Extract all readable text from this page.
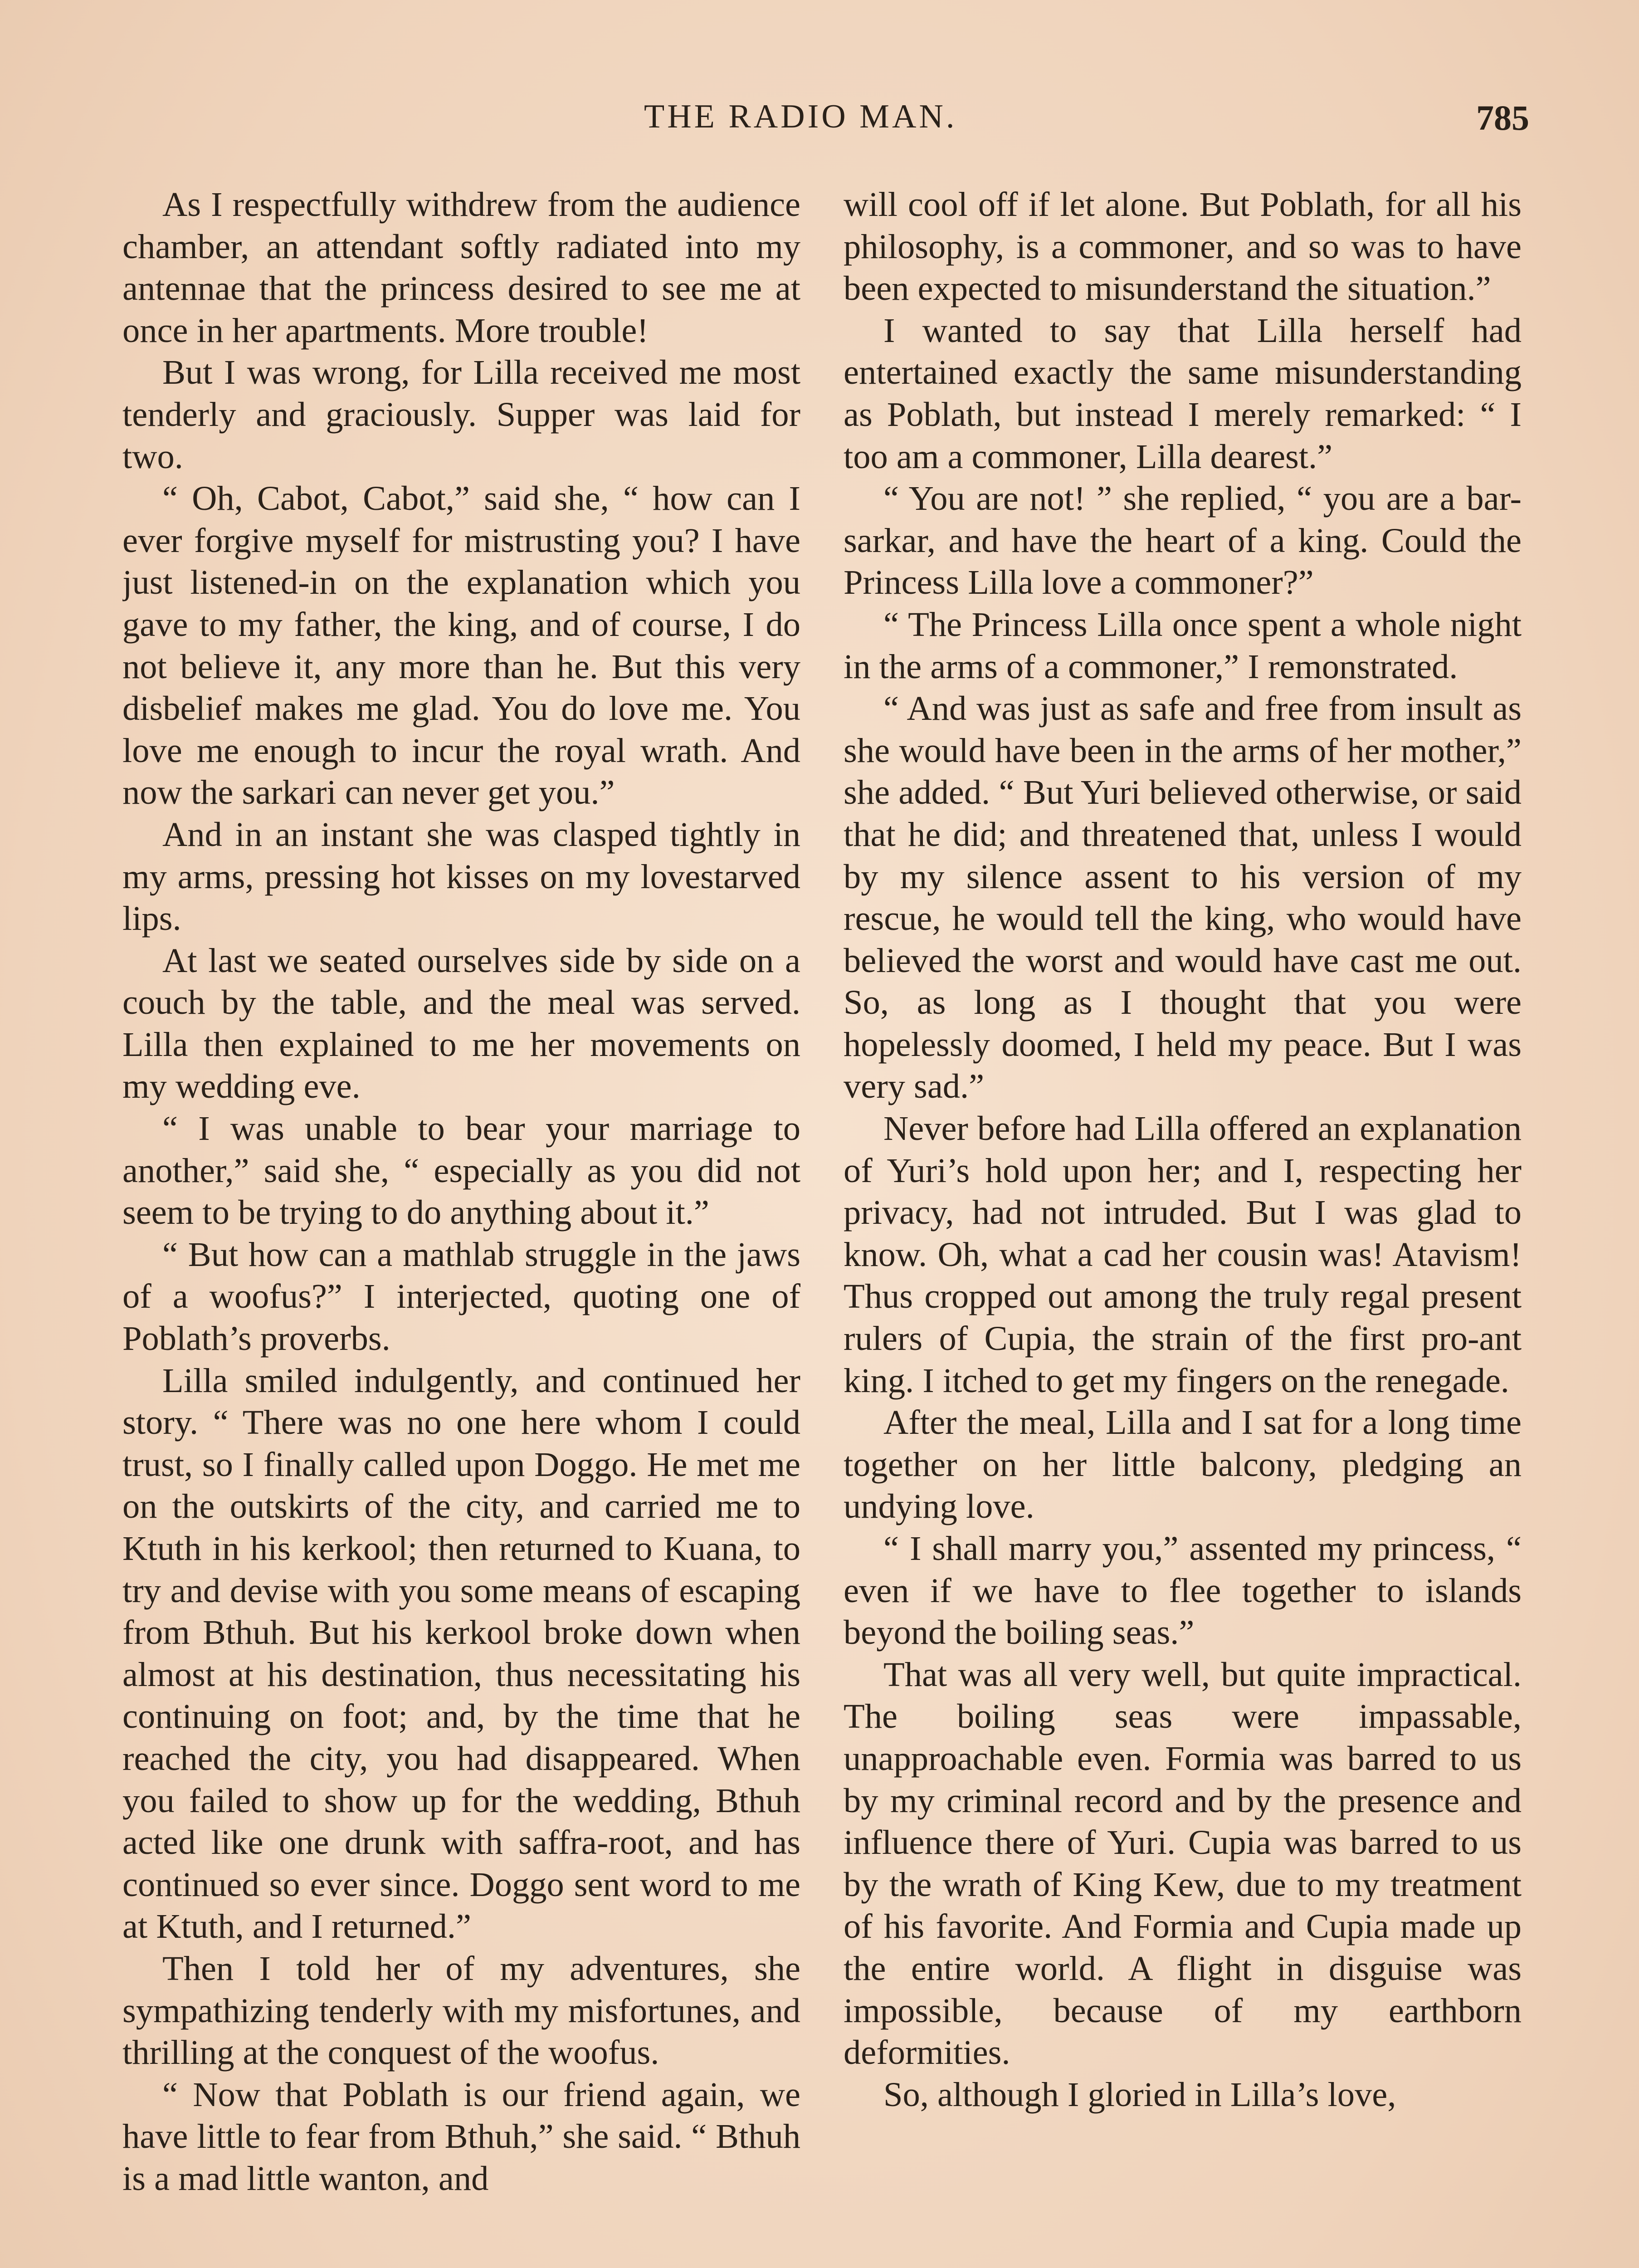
THE RADIO MAN.	785

As I respectfully withdrew from the audience chamber, an attendant softly radiated into my antennae that the princess desired to see me at once in her apartments. More trouble!

But I was wrong, for Lilla received me most tenderly and graciously. Supper was laid for two.

“ Oh, Cabot, Cabot,” said she, “ how can I ever forgive myself for mistrusting you? I have just listened-in on the explanation which you gave to my father, the king, and of course, I do not believe it, any more than he. But this very disbelief makes me glad. You do love me. You love me enough to incur the royal wrath. And now the sarkari can never get you.”

And in an instant she was clasped tightly in my arms, pressing hot kisses on my lovestarved lips.

At last we seated ourselves side by side on a couch by the table, and the meal was served. Lilla then explained to me her movements on my wedding eve.

“ I was unable to bear your marriage to another,” said she, “ especially as you did not seem to be trying to do anything about it.”

“ But how can a mathlab struggle in the jaws of a woofus?” I interjected, quoting one of Poblath’s proverbs.

Lilla smiled indulgently, and continued her story. “ There was no one here whom I could trust, so I finally called upon Doggo. He met me on the outskirts of the city, and carried me to Ktuth in his kerkool; then returned to Kuana, to try and devise with you some means of escaping from Bthuh. But his kerkool broke down when almost at his destination, thus necessitating his continuing on foot; and, by the time that he reached the city, you had disappeared. When you failed to show up for the wedding, Bthuh acted like one drunk with saffra-root, and has continued so ever since. Doggo sent word to me at Ktuth, and I returned.”

Then I told her of my adventures, she sympathizing tenderly with my misfortunes, and thrilling at the conquest of the woofus.

“ Now that Poblath is our friend again, we have little to fear from Bthuh,” she said. “ Bthuh is a mad little wanton, and

will cool off if let alone. But Poblath, for all his philosophy, is a commoner, and so was to have been expected to misunderstand the situation.”

I wanted to say that Lilla herself had entertained exactly the same misunderstanding as Poblath, but instead I merely remarked: “ I too am a commoner, Lilla dearest.”

“ You are not! ” she replied, “ you are a bar-sarkar, and have the heart of a king. Could the Princess Lilla love a commoner?”

“ The Princess Lilla once spent a whole night in the arms of a commoner,” I remonstrated.

“ And was just as safe and free from insult as she would have been in the arms of her mother,” she added. “ But Yuri believed otherwise, or said that he did; and threatened that, unless I would by my silence assent to his version of my rescue, he would tell the king, who would have believed the worst and would have cast me out. So, as long as I thought that you were hopelessly doomed, I held my peace. But I was very sad.”

Never before had Lilla offered an explanation of Yuri’s hold upon her; and I, respecting her privacy, had not intruded. But I was glad to know. Oh, what a cad her cousin was! Atavism! Thus cropped out among the truly regal present rulers of Cupia, the strain of the first pro-ant king. I itched to get my fingers on the renegade.

After the meal, Lilla and I sat for a long time together on her little balcony, pledging an undying love.

“ I shall marry you,” assented my princess, “ even if we have to flee together to islands beyond the boiling seas.”

That was all very well, but quite impractical. The boiling seas were impassable, unapproachable even. Formia was barred to us by my criminal record and by the presence and influence there of Yuri. Cupia was barred to us by the wrath of King Kew, due to my treatment of his favorite. And Formia and Cupia made up the entire world. A flight in disguise was impossible, because of my earthborn deformities.

So, although I gloried in Lilla’s love,
